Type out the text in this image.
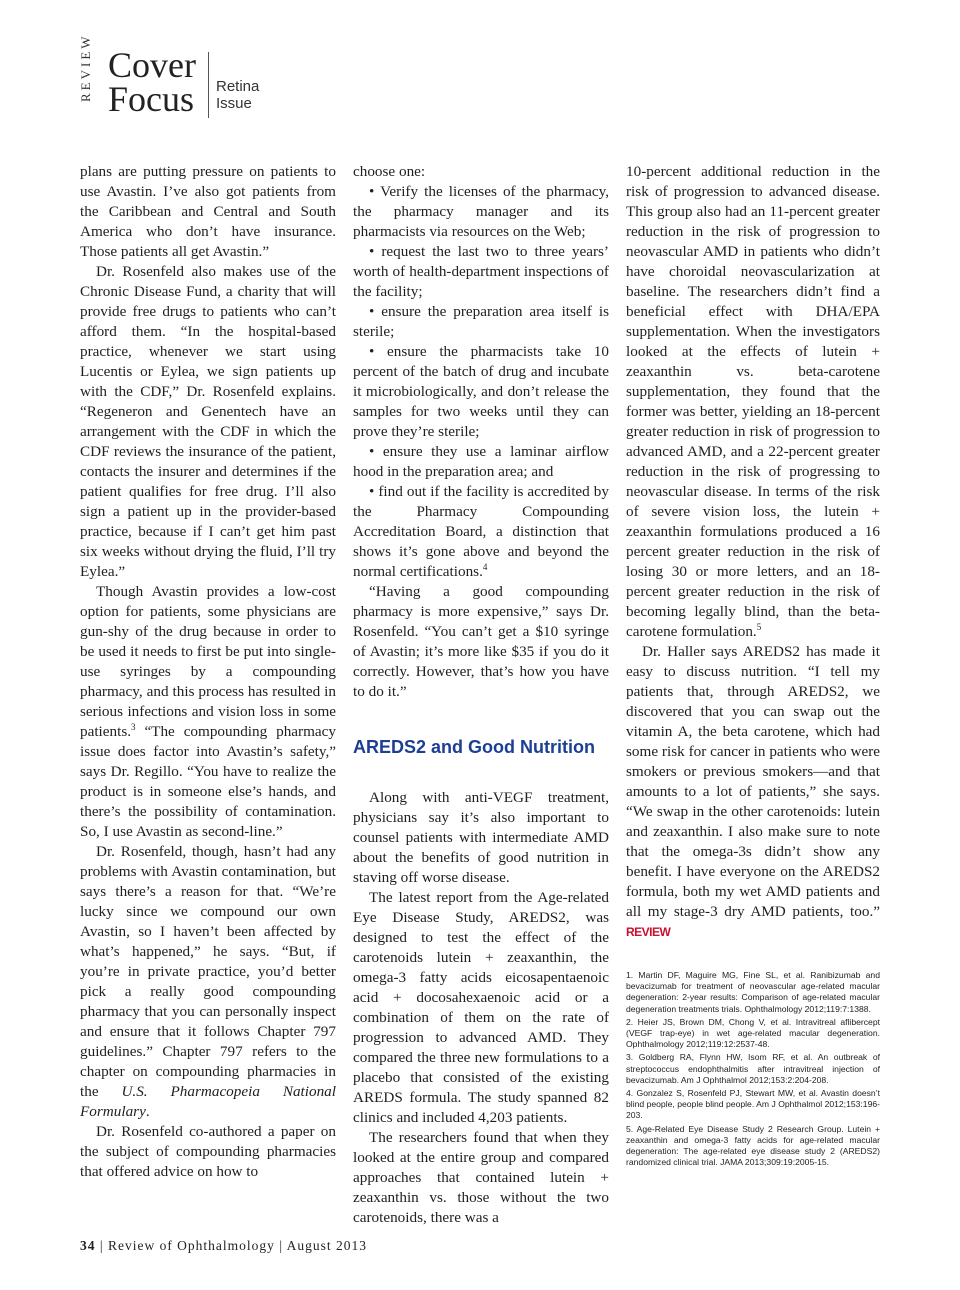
REVIEW Cover
Focus Retina Issue

plans are putting pressure on patients to use Avastin. I’ve also got patients from the Caribbean and Central and South America who don’t have insurance. Those patients all get Avastin.”

Dr. Rosenfeld also makes use of the Chronic Disease Fund, a charity that will provide free drugs to patients who can’t afford them. “In the hospital-based practice, whenever we start using Lucentis or Eylea, we sign patients up with the CDF,” Dr. Rosenfeld explains. “Regeneron and Genentech have an arrangement with the CDF in which the CDF reviews the insurance of the patient, contacts the insurer and determines if the patient qualifies for free drug. I’ll also sign a patient up in the provider-based practice, because if I can’t get him past six weeks without drying the fluid, I’ll try Eylea.”

Though Avastin provides a low-cost option for patients, some physicians are gun-shy of the drug because in order to be used it needs to first be put into single-use syringes by a compounding pharmacy, and this process has resulted in serious infections and vision loss in some patients.$^3$ “The compounding pharmacy issue does factor into Avastin’s safety,” says Dr. Regillo. “You have to realize the product is in someone else’s hands, and there’s the possibility of contamination. So, I use Avastin as second-line.”

Dr. Rosenfeld, though, hasn’t had any problems with Avastin contamination, but says there’s a reason for that. “We’re lucky since we compound our own Avastin, so I haven’t been affected by what’s happened,” he says. “But, if you’re in private practice, you’d better pick a really good compounding pharmacy that you can personally inspect and ensure that it follows Chapter 797 guidelines.” Chapter 797 refers to the chapter on compounding pharmacies in the U.S. Pharmacopeia National Formulary.

Dr. Rosenfeld co-authored a paper on the subject of compounding pharmacies that offered advice on how to

choose one:

• Verify the licenses of the pharmacy, the pharmacy manager and its pharmacists via resources on the Web;

• request the last two to three years’ worth of health-department inspections of the facility;

• ensure the preparation area itself is sterile;

• ensure the pharmacists take 10 percent of the batch of drug and incubate it microbiologically, and don’t release the samples for two weeks until they can prove they’re sterile;

• ensure they use a laminar airflow hood in the preparation area; and

• find out if the facility is accredited by the Pharmacy Compounding Accreditation Board, a distinction that shows it’s gone above and beyond the normal certifications.$^4$

“Having a good compounding pharmacy is more expensive,” says Dr. Rosenfeld. “You can’t get a $10 syringe of Avastin; it’s more like $35 if you do it correctly. However, that’s how you have to do it.”

AREDS2 and Good Nutrition

Along with anti-VEGF treatment, physicians say it’s also important to counsel patients with intermediate AMD about the benefits of good nutrition in staving off worse disease.

The latest report from the Age-related Eye Disease Study, AREDS2, was designed to test the effect of the carotenoids lutein + zeaxanthin, the omega-3 fatty acids eicosapentaenoic acid + docosahexaenoic acid or a combination of them on the rate of progression to advanced AMD. They compared the three new formulations to a placebo that consisted of the existing AREDS formula. The study spanned 82 clinics and included 4,203 patients.

The researchers found that when they looked at the entire group and compared approaches that contained lutein + zeaxanthin vs. those without the two carotenoids, there was a

10-percent additional reduction in the risk of progression to advanced disease. This group also had an 11-percent greater reduction in the risk of progression to neovascular AMD in patients who didn’t have choroidal neovascularization at baseline. The researchers didn’t find a beneficial effect with DHA/EPA supplementation. When the investigators looked at the effects of lutein + zeaxanthin vs. beta-carotene supplementation, they found that the former was better, yielding an 18-percent greater reduction in risk of progression to advanced AMD, and a 22-percent greater reduction in the risk of progressing to neovascular disease. In terms of the risk of severe vision loss, the lutein + zeaxanthin formulations produced a 16 percent greater reduction in the risk of losing 30 or more letters, and an 18-percent greater reduction in the risk of becoming legally blind, than the beta-carotene formulation.$^5$

Dr. Haller says AREDS2 has made it easy to discuss nutrition. “I tell my patients that, through AREDS2, we discovered that you can swap out the vitamin A, the beta carotene, which had some risk for cancer in patients who were smokers or previous smokers—and that amounts to a lot of patients,” she says. “We swap in the other carotenoids: lutein and zeaxanthin. I also make sure to note that the omega-3s didn’t show any benefit. I have everyone on the AREDS2 formula, both my wet AMD patients and all my stage-3 dry AMD patients, too.” REVIEW

1. Martin DF, Maguire MG, Fine SL, et al. Ranibizumab and bevacizumab for treatment of neovascular age-related macular degeneration: 2-year results: Comparison of age-related macular degeneration treatments trials. Ophthalmology 2012;119:7:1388.

2. Heier JS, Brown DM, Chong V, et al. Intravitreal aflibercept (VEGF trap-eye) in wet age-related macular degeneration. Ophthalmology 2012;119:12:2537-48.

3. Goldberg RA, Flynn HW, Isom RF, et al. An outbreak of streptococcus endophthalmitis after intravitreal injection of bevacizumab. Am J Ophthalmol 2012;153:2:204-208.

4. Gonzalez S, Rosenfeld PJ, Stewart MW, et al. Avastin doesn’t blind people, people blind people. Am J Ophthalmol 2012;153:196-203.

5. Age-Related Eye Disease Study 2 Research Group. Lutein + zeaxanthin and omega-3 fatty acids for age-related macular degeneration: The age-related eye disease study 2 (AREDS2) randomized clinical trial. JAMA 2013;309:19:2005-15.

34 | Review of Ophthalmology | August 2013
